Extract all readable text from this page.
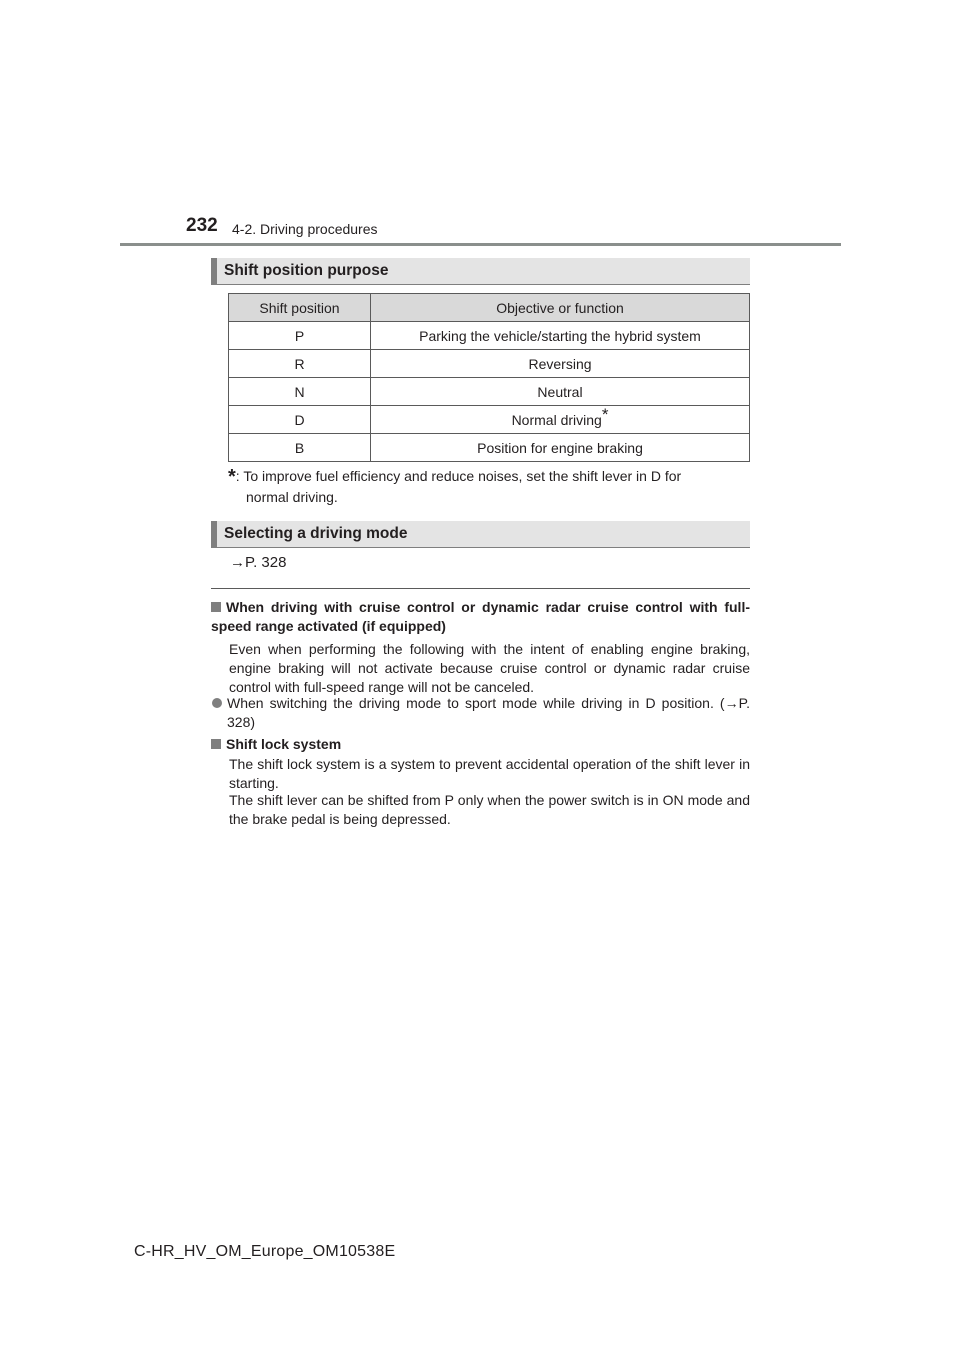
232 4-2. Driving procedures
Shift position purpose
Shift position	Objective or function
P	Parking the vehicle/starting the hybrid system
R	Reversing
N	Neutral
D	Normal driving*
B	Position for engine braking
*: To improve fuel efficiency and reduce noises, set the shift lever in D for
normal driving.
Selecting a driving mode
→P. 328
When driving with cruise control or dynamic radar cruise control with full-speed range activated (if equipped)
Even when performing the following with the intent of enabling engine braking, engine braking will not activate because cruise control or dynamic radar cruise control with full-speed range will not be canceled.
When switching the driving mode to sport mode while driving in D position. (→P. 328)
Shift lock system
The shift lock system is a system to prevent accidental operation of the shift lever in starting.
The shift lever can be shifted from P only when the power switch is in ON mode and the brake pedal is being depressed.
C-HR_HV_OM_Europe_OM10538E
